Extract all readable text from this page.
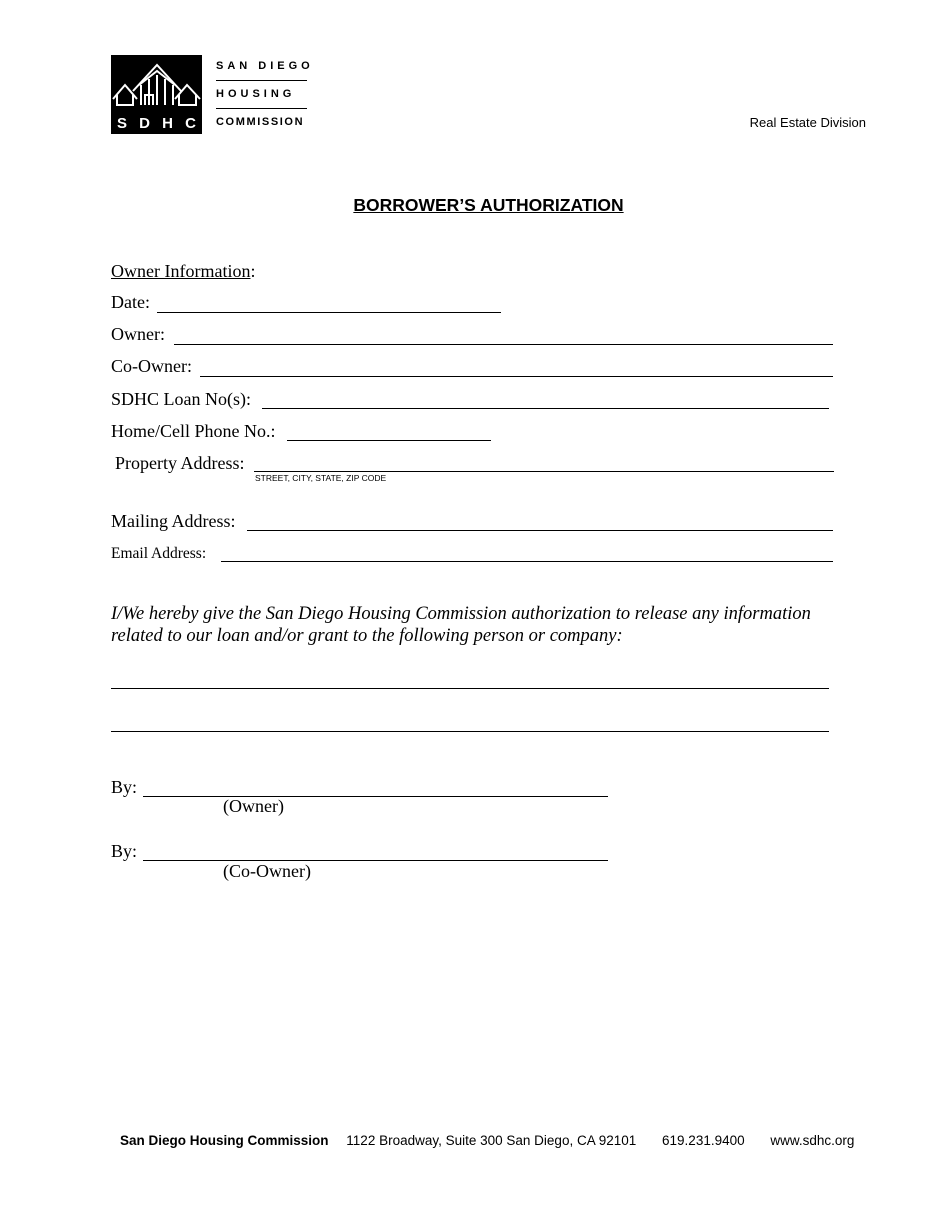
S D H C
SAN DIEGO
HOUSING
COMMISSION	Real Estate Division
BORROWER’S AUTHORIZATION
Owner Information:
Date:
Owner:
Co-Owner:
SDHC Loan No(s):
Home/Cell Phone No.:
Property Address:
STREET, CITY, STATE, ZIP CODE
Mailing Address:
Email Address:
I/We hereby give the San Diego Housing Commission authorization to release any information related to our loan and/or grant to the following person or company:
By:
(Owner)
By:
(Co-Owner)
San Diego Housing Commission 1122 Broadway, Suite 300 San Diego, CA 92101 619.231.9400 www.sdhc.org
